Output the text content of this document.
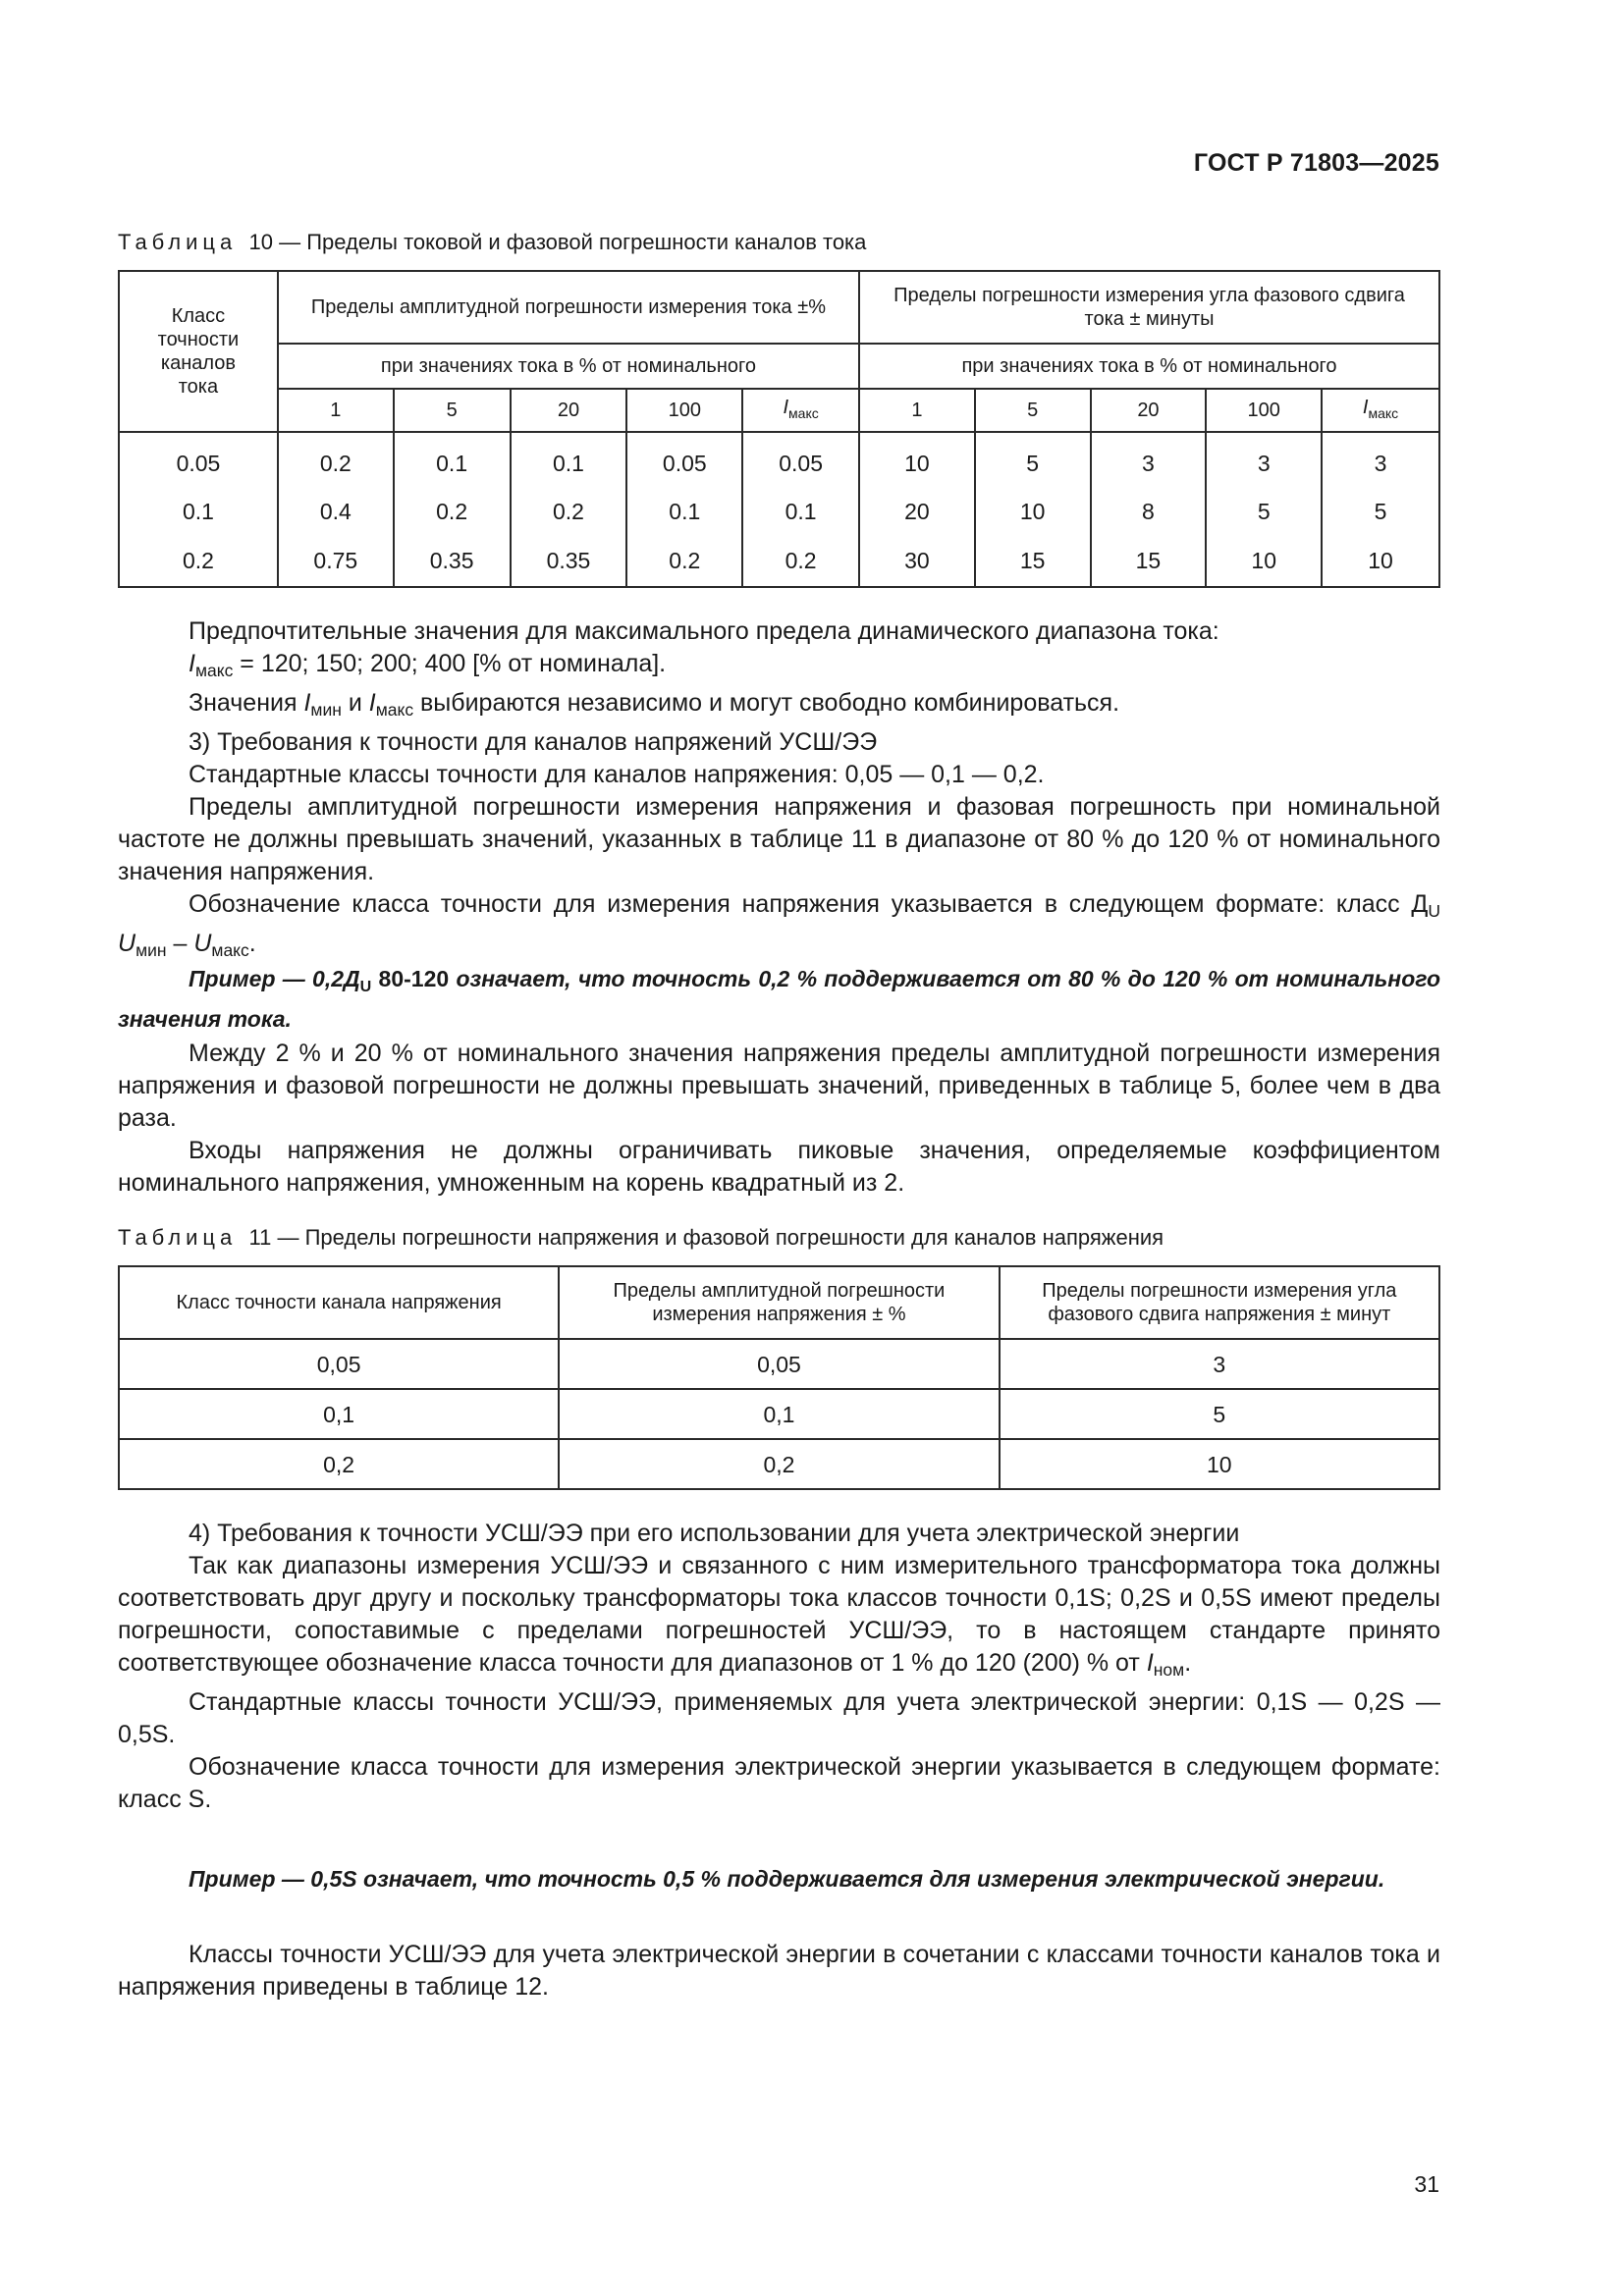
ГОСТ Р 71803—2025
Таблица 10 — Пределы токовой и фазовой погрешности каналов тока
Класс точности каналов тока	Пределы амплитудной погрешности измерения тока ±%					Пределы погрешности измерения угла фазового сдвига тока ± минуты				
	при значениях тока в % от номинального					при значениях тока в % от номинального				
	1	5	20	100	$I_{макс}$	1	5	20	100	$I_{макс}$
0.05	0.2	0.1	0.1	0.05	0.05	10	5	3	3	3
0.1	0.4	0.2	0.2	0.1	0.1	20	10	8	5	5
0.2	0.75	0.35	0.35	0.2	0.2	30	15	15	10	10

Предпочтительные значения для максимального предела динамического диапазона тока:

$I_{макс} = 120$; 150; 200; 400 [% от номинала].

Значения $I_{мин}$ и $I_{макс}$ выбираются независимо и могут свободно комбинироваться.

3) Требования к точности для каналов напряжений УСШ/ЭЭ

Стандартные классы точности для каналов напряжения: 0,05 — 0,1 — 0,2.

Пределы амплитудной погрешности измерения напряжения и фазовая погрешность при номинальной частоте не должны превышать значений, указанных в таблице 11 в диапазоне от 80 % до 120 % от номинального значения напряжения.

Обозначение класса точности для измерения напряжения указывается в следующем формате: класс $Д_U$ $U_{мин} - U_{макс}$.

Пример — $0,2Д_U$ 80-120 означает, что точность 0,2 % поддерживается от 80 % до 120 % от номинального значения тока.

Между 2 % и 20 % от номинального значения напряжения пределы амплитудной погрешности измерения напряжения и фазовой погрешности не должны превышать значений, приведенных в таблице 5, более чем в два раза.

Входы напряжения не должны ограничивать пиковые значения, определяемые коэффициентом номинального напряжения, умноженным на корень квадратный из 2.

Таблица 11 — Пределы погрешности напряжения и фазовой погрешности для каналов напряжения
Класс точности канала напряжения	Пределы амплитудной погрешности измерения напряжения ± %	Пределы погрешности измерения угла фазового сдвига напряжения ± минут
0,05	0,05	3
0,1	0,1	5
0,2	0,2	10

4) Требования к точности УСШ/ЭЭ при его использовании для учета электрической энергии

Так как диапазоны измерения УСШ/ЭЭ и связанного с ним измерительного трансформатора тока должны соответствовать друг другу и поскольку трансформаторы тока классов точности 0,1S; 0,2S и 0,5S имеют пределы погрешности, сопоставимые с пределами погрешностей УСШ/ЭЭ, то в настоящем стандарте принято соответствующее обозначение класса точности для диапазонов от 1 % до 120 (200) % от $I_{ном}$.

Стандартные классы точности УСШ/ЭЭ, применяемых для учета электрической энергии: 0,1S — 0,2S — 0,5S.

Обозначение класса точности для измерения электрической энергии указывается в следующем формате: класс S.

Пример — 0,5S означает, что точность 0,5 % поддерживается для измерения электрической энергии.

Классы точности УСШ/ЭЭ для учета электрической энергии в сочетании с классами точности каналов тока и напряжения приведены в таблице 12.

31
